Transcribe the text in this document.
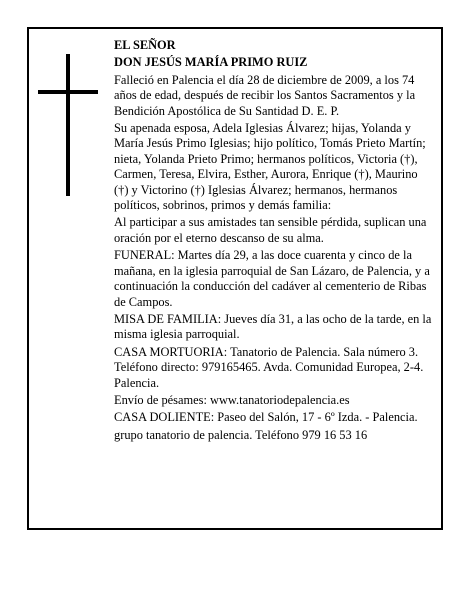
EL SEÑOR

DON JESÚS MARÍA PRIMO RUIZ

Falleció en Palencia el día 28 de diciembre de 2009, a los 74 años de edad, después de recibir los Santos Sacramentos y la Bendición Apostólica de Su Santidad D. E. P.

Su apenada esposa, Adela Iglesias Álvarez; hijas, Yolanda y María Jesús Primo Iglesias; hijo político, Tomás Prieto Martín; nieta, Yolanda Prieto Primo; hermanos políticos, Victoria (†), Carmen, Teresa, Elvira, Esther, Aurora, Enrique (†), Maurino (†) y Victorino (†) Iglesias Álvarez; hermanos, hermanos políticos, sobrinos, primos y demás familia:

Al participar a sus amistades tan sensible pérdida, suplican una oración por el eterno descanso de su alma.

FUNERAL: Martes día 29, a las doce cuarenta y cinco de la mañana, en la iglesia parroquial de San Lázaro, de Palencia, y a continuación la conducción del cadáver al cementerio de Ribas de Campos.

MISA DE FAMILIA: Jueves día 31, a las ocho de la tarde, en la misma iglesia parroquial.

CASA MORTUORIA: Tanatorio de Palencia. Sala número 3. Teléfono directo: 979165465. Avda. Comunidad Europea, 2-4. Palencia.

Envío de pésames: www.tanatoriodepalencia.es

CASA DOLIENTE: Paseo del Salón, 17 - 6º Izda. - Palencia.

grupo tanatorio de palencia. Teléfono 979 16 53 16
